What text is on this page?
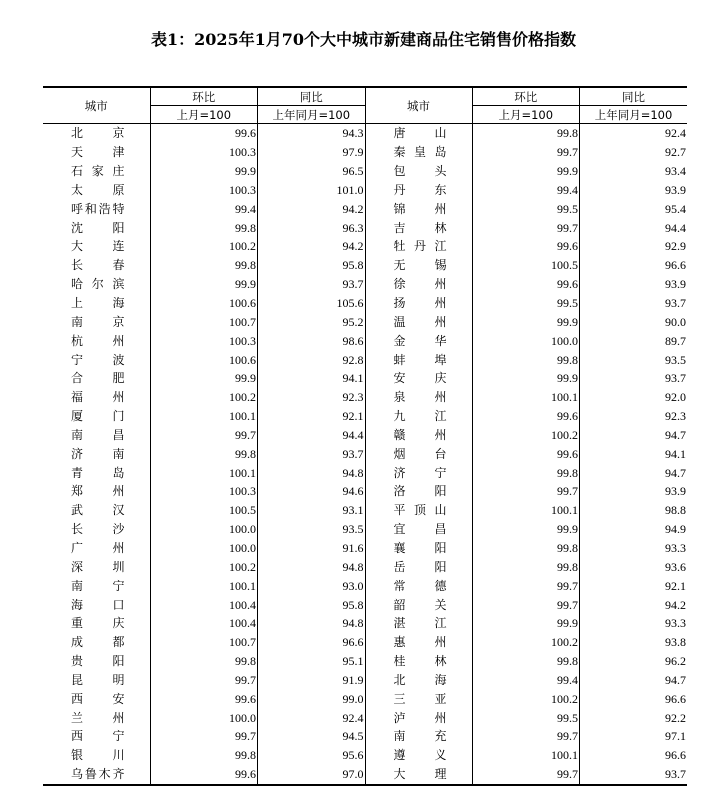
表1：2025年1月70个大中城市新建商品住宅销售价格指数
城市	环比	同比	城市	环比	同比
	上月=100	上年同月=100		上月=100	上年同月=100
北 京	99.6	94.3	唐 山	99.8	92.4
天 津	100.3	97.9	秦皇岛	99.7	92.7
石家庄	99.9	96.5	包 头	99.9	93.4
太 原	100.3	101.0	丹 东	99.4	93.9
呼和浩特	99.4	94.2	锦 州	99.5	95.4
沈 阳	99.8	96.3	吉 林	99.7	94.4
大 连	100.2	94.2	牡丹江	99.6	92.9
长 春	99.8	95.8	无 锡	100.5	96.6
哈尔滨	99.9	93.7	徐 州	99.6	93.9
上 海	100.6	105.6	扬 州	99.5	93.7
南 京	100.7	95.2	温 州	99.9	90.0
杭 州	100.3	98.6	金 华	100.0	89.7
宁 波	100.6	92.8	蚌 埠	99.8	93.5
合 肥	99.9	94.1	安 庆	99.9	93.7
福 州	100.2	92.3	泉 州	100.1	92.0
厦 门	100.1	92.1	九 江	99.6	92.3
南 昌	99.7	94.4	赣 州	100.2	94.7
济 南	99.8	93.7	烟 台	99.6	94.1
青 岛	100.1	94.8	济 宁	99.8	94.7
郑 州	100.3	94.6	洛 阳	99.7	93.9
武 汉	100.5	93.1	平顶山	100.1	98.8
长 沙	100.0	93.5	宜 昌	99.9	94.9
广 州	100.0	91.6	襄 阳	99.8	93.3
深 圳	100.2	94.8	岳 阳	99.8	93.6
南 宁	100.1	93.0	常 德	99.7	92.1
海 口	100.4	95.8	韶 关	99.7	94.2
重 庆	100.4	94.8	湛 江	99.9	93.3
成 都	100.7	96.6	惠 州	100.2	93.8
贵 阳	99.8	95.1	桂 林	99.8	96.2
昆 明	99.7	91.9	北 海	99.4	94.7
西 安	99.6	99.0	三 亚	100.2	96.6
兰 州	100.0	92.4	泸 州	99.5	92.2
西 宁	99.7	94.5	南 充	99.7	97.1
银 川	99.8	95.6	遵 义	100.1	96.6
乌鲁木齐	99.6	97.0	大 理	99.7	93.7
